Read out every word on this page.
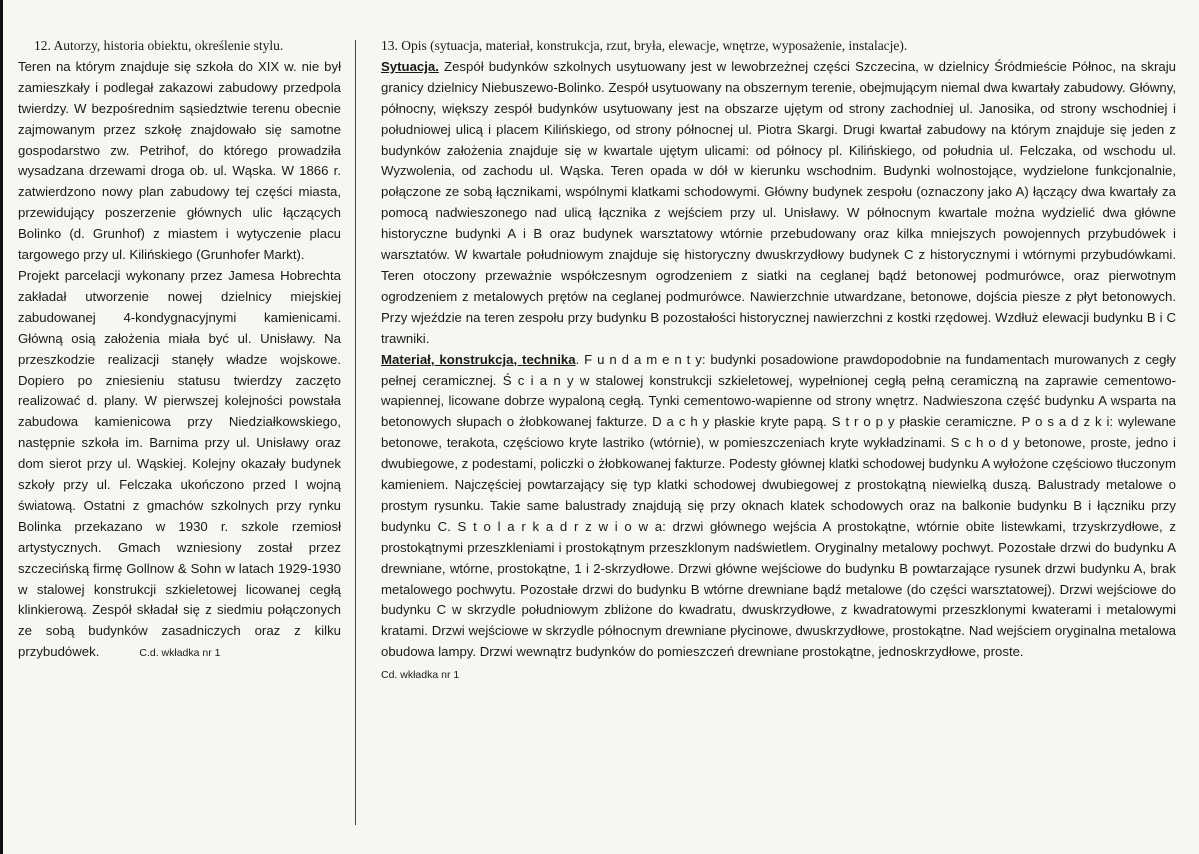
12. Autorzy, historia obiektu, określenie stylu.

Teren na którym znajduje się szkoła do XIX w. nie był zamieszkały i podlegał zakazowi zabudowy przedpola twierdzy. W bezpośrednim sąsiedztwie terenu obecnie zajmowanym przez szkołę znajdowało się samotne gospodarstwo zw. Petrihof, do którego prowadziła wysadzana drzewami droga ob. ul. Wąska. W 1866 r. zatwierdzono nowy plan zabudowy tej części miasta, przewidujący poszerzenie głównych ulic łączących Bolinko (d. Grunhof) z miastem i wytyczenie placu targowego przy ul. Kilińskiego (Grunhofer Markt).

Projekt parcelacji wykonany przez Jamesa Hobrechta zakładał utworzenie nowej dzielnicy miejskiej zabudowanej 4-kondygnacyjnymi kamienicami. Główną osią założenia miała być ul. Unisławy. Na przeszkodzie realizacji stanęły władze wojskowe. Dopiero po zniesieniu statusu twierdzy zaczęto realizować d. plany. W pierwszej kolejności powstała zabudowa kamienicowa przy Niedziałkowskiego, następnie szkoła im. Barnima przy ul. Unisławy oraz dom sierot przy ul. Wąskiej. Kolejny okazały budynek szkoły przy ul. Felczaka ukończono przed I wojną światową. Ostatni z gmachów szkolnych przy rynku Bolinka przekazano w 1930 r. szkole rzemiosł artystycznych. Gmach wzniesiony został przez szczecińską firmę Gollnow & Sohn w latach 1929-1930 w stalowej konstrukcji szkieletowej licowanej cegłą klinkierową. Zespół składał się z siedmiu połączonych ze sobą budynków zasadniczych oraz z kilku przybudówek.	C.d. wkładka nr 1

13. Opis (sytuacja, materiał, konstrukcja, rzut, bryła, elewacje, wnętrze, wyposażenie, instalacje).

Sytuacja. Zespół budynków szkolnych usytuowany jest w lewobrzeżnej części Szczecina, w dzielnicy Śródmieście Północ, na skraju granicy dzielnicy Niebuszewo-Bolinko. Zespół usytuowany na obszernym terenie, obejmującym niemal dwa kwartały zabudowy. Główny, północny, większy zespół budynków usytuowany jest na obszarze ujętym od strony zachodniej ul. Janosika, od strony wschodniej i południowej ulicą i placem Kilińskiego, od strony północnej ul. Piotra Skargi. Drugi kwartał zabudowy na którym znajduje się jeden z budynków założenia znajduje się w kwartale ujętym ulicami: od północy pl. Kilińskiego, od południa ul. Felczaka, od wschodu ul. Wyzwolenia, od zachodu ul. Wąska. Teren opada w dół w kierunku wschodnim. Budynki wolnostojące, wydzielone funkcjonalnie, połączone ze sobą łącznikami, wspólnymi klatkami schodowymi. Główny budynek zespołu (oznaczony jako A) łączący dwa kwartały za pomocą nadwieszonego nad ulicą łącznika z wejściem przy ul. Unisławy. W północnym kwartale można wydzielić dwa główne historyczne budynki A i B oraz budynek warsztatowy wtórnie przebudowany oraz kilka mniejszych powojennych przybudówek i warsztatów. W kwartale południowym znajduje się historyczny dwuskrzydłowy budynek C z historycznymi i wtórnymi przybudówkami. Teren otoczony przeważnie współczesnym ogrodzeniem z siatki na ceglanej bądź betonowej podmurówce, oraz pierwotnym ogrodzeniem z metalowych prętów na ceglanej podmurówce. Nawierzchnie utwardzane, betonowe, dojścia piesze z płyt betonowych. Przy wjeździe na teren zespołu przy budynku B pozostałości historycznej nawierzchni z kostki rzędowej. Wzdłuż elewacji budynku B i C trawniki.

Materiał, konstrukcja, technika. F u n d a m e n t y: budynki posadowione prawdopodobnie na fundamentach murowanych z cegły pełnej ceramicznej. Ś c i a n y w stalowej konstrukcji szkieletowej, wypełnionej cegłą pełną ceramiczną na zaprawie cementowo-wapiennej, licowane dobrze wypaloną cegłą. Tynki cementowo-wapienne od strony wnętrz. Nadwieszona część budynku A wsparta na betonowych słupach o żłobkowanej fakturze. D a c h y płaskie kryte papą. S t r o p y płaskie ceramiczne. P o s a d z k i: wylewane betonowe, terakota, częściowo kryte lastriko (wtórnie), w pomieszczeniach kryte wykładzinami. S c h o d y betonowe, proste, jedno i dwubiegowe, z podestami, policzki o żłobkowanej fakturze. Podesty głównej klatki schodowej budynku A wyłożone częściowo tłuczonym kamieniem. Najczęściej powtarzający się typ klatki schodowej dwubiegowej z prostokątną niewielką duszą. Balustrady metalowe o prostym rysunku. Takie same balustrady znajdują się przy oknach klatek schodowych oraz na balkonie budynku B i łączniku przy budynku C. S t o l a r k a d r z w i o w a: drzwi głównego wejścia A prostokątne, wtórnie obite listewkami, trzyskrzydłowe, z prostokątnymi przeszkleniami i prostokątnym przeszklonym nadświetlem. Oryginalny metalowy pochwyt. Pozostałe drzwi do budynku A drewniane, wtórne, prostokątne, 1 i 2-skrzydłowe. Drzwi główne wejściowe do budynku B powtarzające rysunek drzwi budynku A, brak metalowego pochwytu. Pozostałe drzwi do budynku B wtórne drewniane bądź metalowe (do części warsztatowej). Drzwi wejściowe do budynku C w skrzydle południowym zbliżone do kwadratu, dwuskrzydłowe, z kwadratowymi przeszklonymi kwaterami i metalowymi kratami. Drzwi wejściowe w skrzydle północnym drewniane płycinowe, dwuskrzydłowe, prostokątne. Nad wejściem oryginalna metalowa obudowa lampy. Drzwi wewnątrz budynków do pomieszczeń drewniane prostokątne, jednoskrzydłowe, proste.

Cd. wkładka nr 1
